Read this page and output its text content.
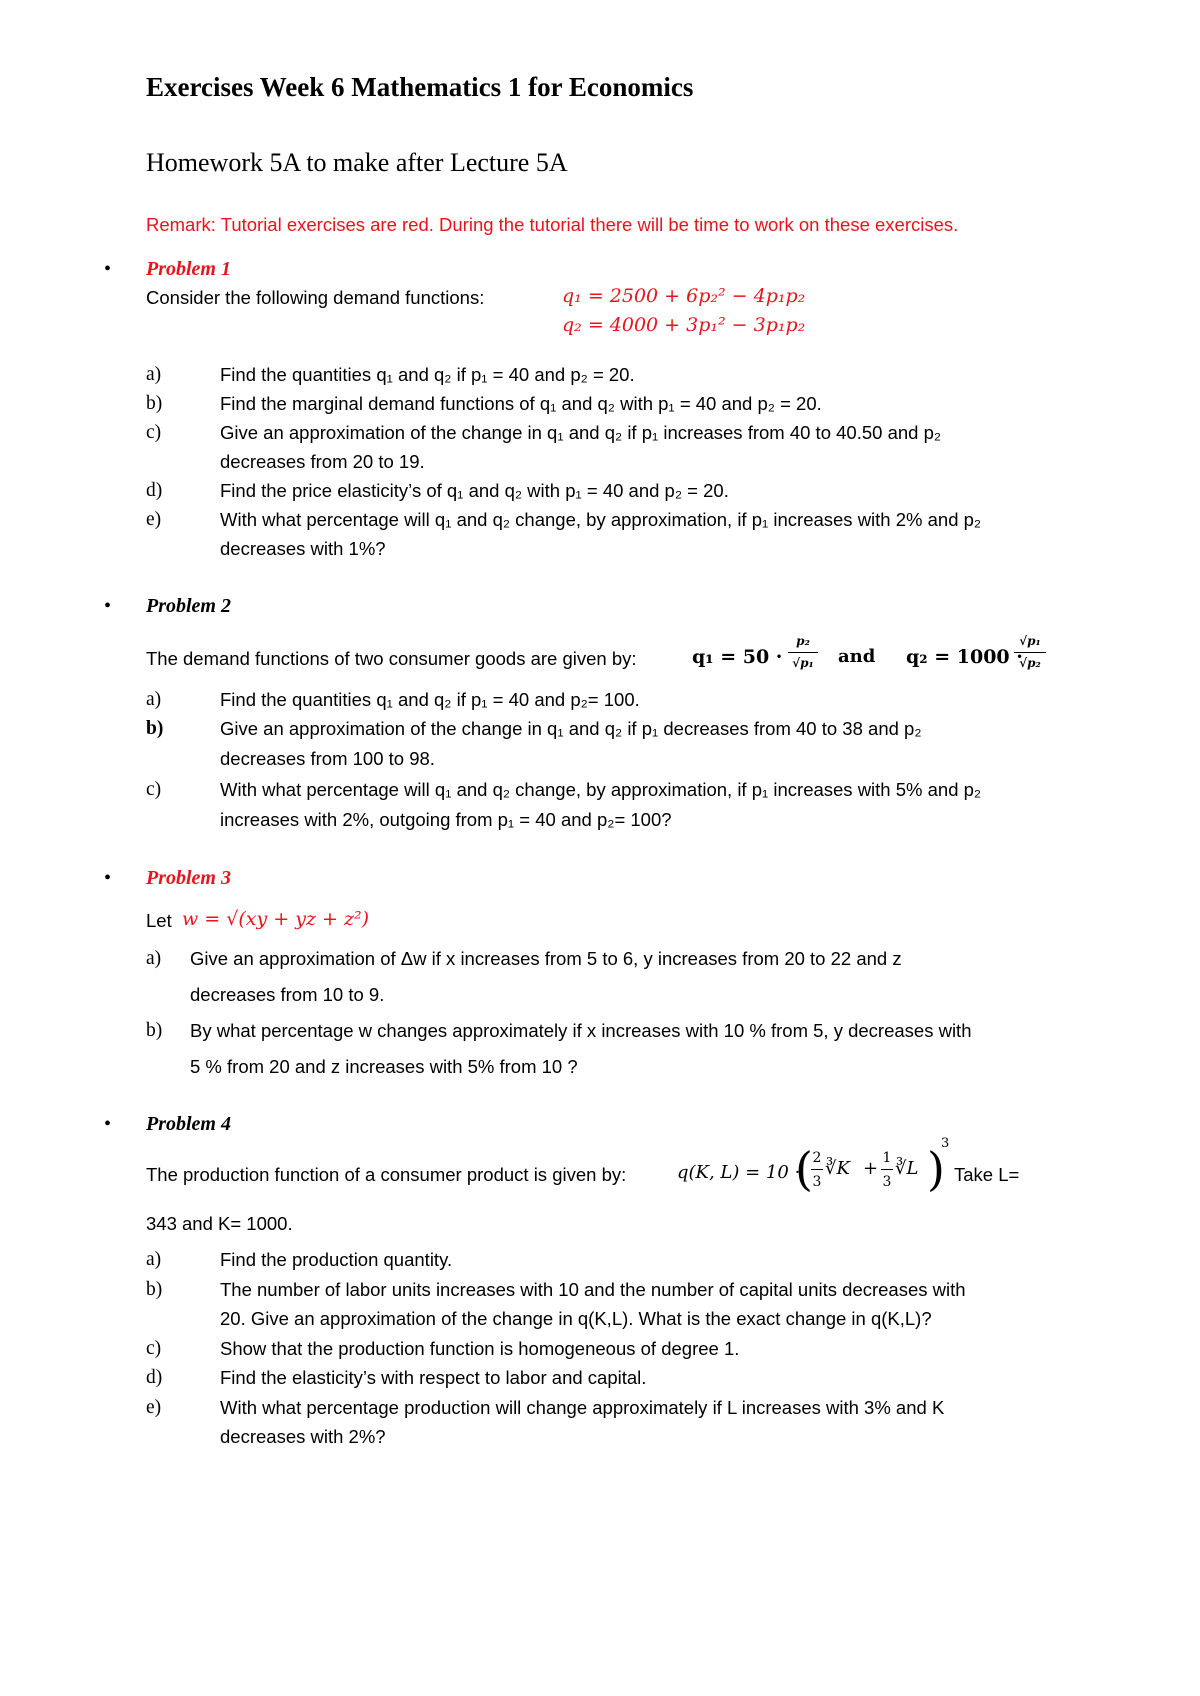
Exercises Week 6 Mathematics 1 for Economics
Homework 5A to make after Lecture 5A
Remark: Tutorial exercises are red. During the tutorial there will be time to work on these exercises.
• Problem 1
Consider the following demand functions:	q₁ = 2500 + 6p₂² − 4p₁p₂
q₂ = 4000 + 3p₁² − 3p₁p₂
a)	Find the quantities q₁ and q₂ if p₁ = 40 and p₂ = 20.
b)	Find the marginal demand functions of q₁ and q₂ with p₁ = 40 and p₂ = 20.
c)	Give an approximation of the change in q₁ and q₂ if p₁ increases from 40 to 40.50 and p₂
decreases from 20 to 19.
d)	Find the price elasticity’s of q₁ and q₂ with p₁ = 40 and p₂ = 20.
e)	With what percentage will q₁ and q₂ change, by approximation, if p₁ increases with 2% and p₂
decreases with 1%?
• Problem 2
The demand functions of two consumer goods are given by:	q₁ = 50 ·
p₂
√p₁ and q₂ = 1000 ·
√p₁
√p₂
a)	Find the quantities q₁ and q₂ if p₁ = 40 and p₂= 100.
b)	Give an approximation of the change in q₁ and q₂ if p₁ decreases from 40 to 38 and p₂
decreases from 100 to 98.
c)	With what percentage will q₁ and q₂ change, by approximation, if p₁ increases with 5% and p₂
increases with 2%, outgoing from p₁ = 40 and p₂= 100?
• Problem 3
Let w = √(xy + yz + z²)
a) Give an approximation of Δw if x increases from 5 to 6, y increases from 20 to 22 and z
decreases from 10 to 9.
b) By what percentage w changes approximately if x increases with 10 % from 5, y decreases with
5 % from 20 and z increases with 5% from 10 ?
• Problem 4
The production function of a consumer product is given by:	q(K, L) = 10 ·
( 2
3
∛K + 1
3
∛L )
3
Take L=
343 and K= 1000.
a)	Find the production quantity.
b)	The number of labor units increases with 10 and the number of capital units decreases with
20. Give an approximation of the change in q(K,L). What is the exact change in q(K,L)?
c)	Show that the production function is homogeneous of degree 1.
d)	Find the elasticity’s with respect to labor and capital.
e)	With what percentage production will change approximately if L increases with 3% and K
decreases with 2%?
